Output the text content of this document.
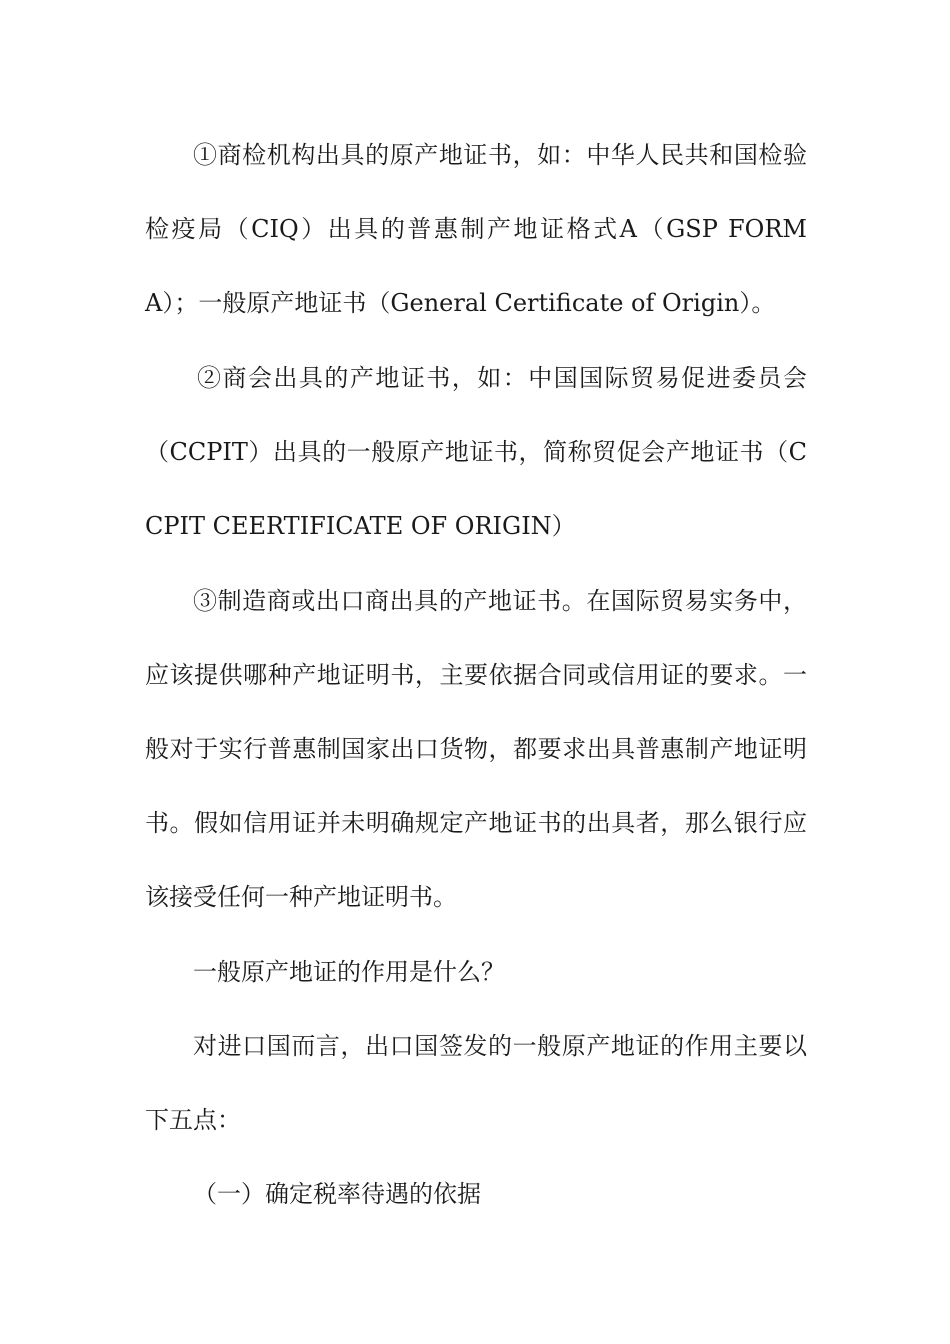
①商检机构出具的原产地证书，如：中华人民共和国检验检疫局（CIQ）出具的普惠制产地证格式A（GSP FORM A）；一般原产地证书（General Certificate of Origin）。

②商会出具的产地证书，如：中国国际贸易促进委员会（CCPIT）出具的一般原产地证书，简称贸促会产地证书（CCPIT CEERTIFICATE OF ORIGIN）

③制造商或出口商出具的产地证书。在国际贸易实务中，应该提供哪种产地证明书，主要依据合同或信用证的要求。一般对于实行普惠制国家出口货物，都要求出具普惠制产地证明书。假如信用证并未明确规定产地证书的出具者，那么银行应该接受任何一种产地证明书。

一般原产地证的作用是什么？

对进口国而言，出口国签发的一般原产地证的作用主要以下五点：

（一）确定税率待遇的依据
